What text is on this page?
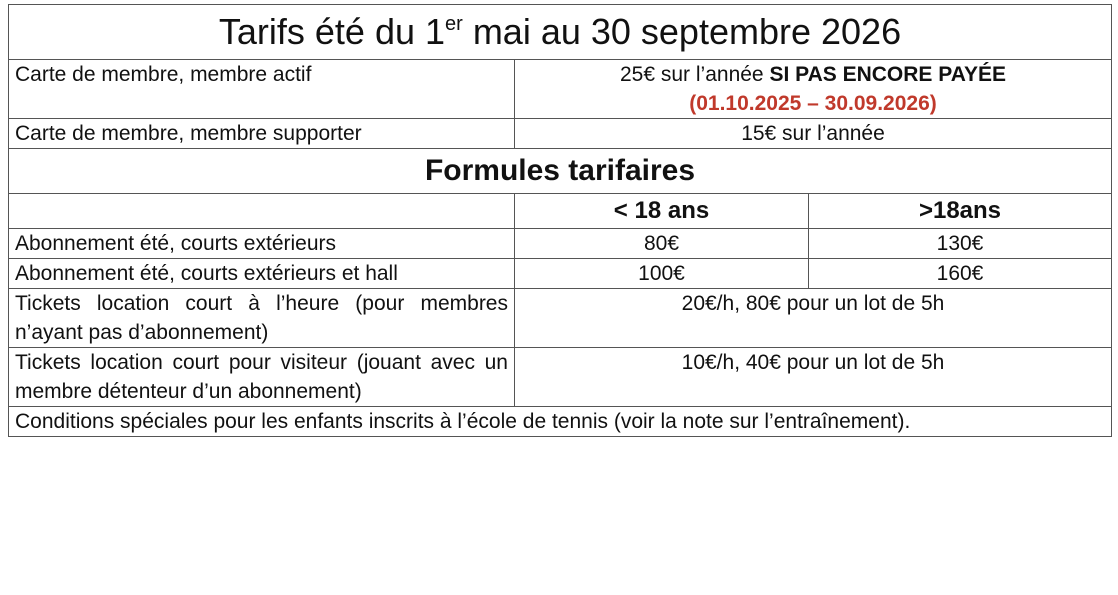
Tarifs été du 1er mai au 30 septembre 2026		
Carte de membre, membre actif	25€ sur l’année SI PAS ENCORE PAYÉE
(01.10.2025 – 30.09.2026)	
Carte de membre, membre supporter	15€ sur l’année	
Formules tarifaires		
	< 18 ans	>18ans
Abonnement été, courts extérieurs	80€	130€
Abonnement été, courts extérieurs et hall	100€	160€
Tickets location court à l’heure (pour membres n’ayant pas d’abonnement)	20€/h, 80€ pour un lot de 5h	
Tickets location court pour visiteur (jouant avec un membre détenteur d’un abonnement)	10€/h, 40€ pour un lot de 5h	
Conditions spéciales pour les enfants inscrits à l’école de tennis (voir la note sur l’entraînement).		
